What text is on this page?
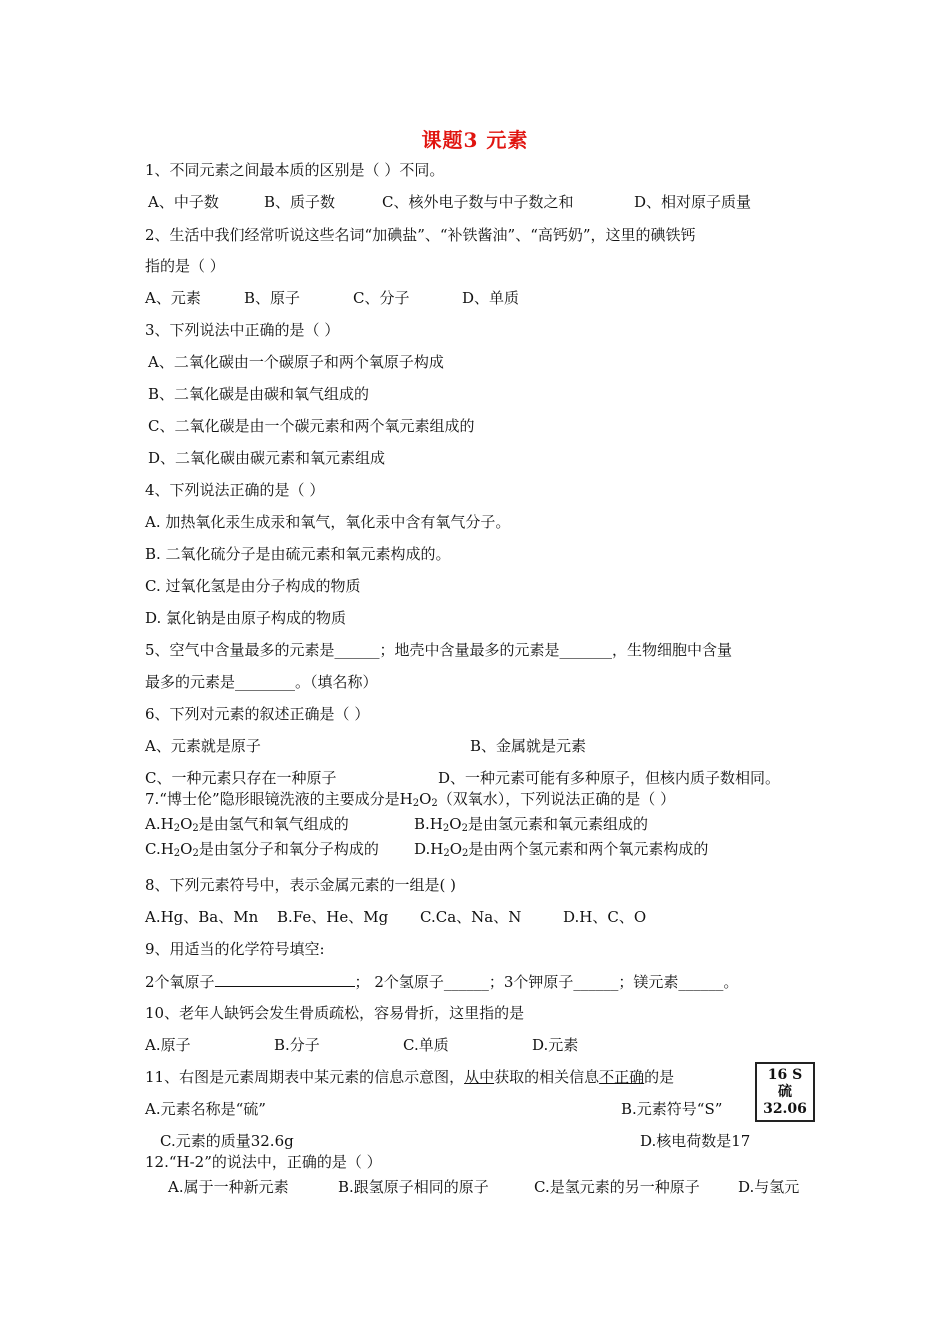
课题3 元素
1、不同元素之间最本质的区别是（ ）不同。
A、中子数	B、质子数	C、核外电子数与中子数之和	D、相对原子质量
2、生活中我们经常听说这些名词“加碘盐”、“补铁酱油”、“高钙奶”，这里的碘铁钙
指的是（ ）
A、元素	B、原子	C、分子	D、单质
3、下列说法中正确的是（ ）
A、二氧化碳由一个碳原子和两个氧原子构成
B、二氧化碳是由碳和氧气组成的
C、二氧化碳是由一个碳元素和两个氧元素组成的
D、二氧化碳由碳元素和氧元素组成
4、下列说法正确的是（ ）
A. 加热氧化汞生成汞和氧气，氧化汞中含有氧气分子。
B. 二氧化硫分子是由硫元素和氧元素构成的。
C. 过氧化氢是由分子构成的物质
D. 氯化钠是由原子构成的物质
5、空气中含量最多的元素是______；地壳中含量最多的元素是_______，生物细胞中含量
最多的元素是________。（填名称）
6、下列对元素的叙述正确是（ ）
A、元素就是原子	B、金属就是元素
C、一种元素只存在一种原子	D、一种元素可能有多种原子，但核内质子数相同。
7.“博士伦”隐形眼镜洗液的主要成分是$H_2O_2$（双氧水），下列说法正确的是（ ）
$A.H_2O_2$是由氢气和氧气组成的	$B.H_2O_2$是由氢元素和氧元素组成的
$C.H_2O_2$是由氢分子和氧分子构成的 $D.H_2O_2$是由两个氢元素和两个氧元素构成的
8、下列元素符号中，表示金属元素的一组是( )
A.Hg、Ba、Mn B.Fe、He、Mg C.Ca、Na、N	D.H、C、O
9、用适当的化学符号填空:
2个氧原子	； 2个氢原子______；3个钾原子______；镁元素______。
10、老年人缺钙会发生骨质疏松，容易骨折，这里指的是
A.原子	B.分子	C.单质	D.元素
11、右图是元素周期表中某元素的信息示意图，从中获取的相关信息不正确的是
A.元素名称是“硫”	B.元素符号“S”
C.元素的质量32.6g	D.核电荷数是17
16 S
硫
32.06
12.“H-2”的说法中，正确的是（ ）
A.属于一种新元素	B.跟氢原子相同的原子	C.是氢元素的另一种原子	D.与氢元
